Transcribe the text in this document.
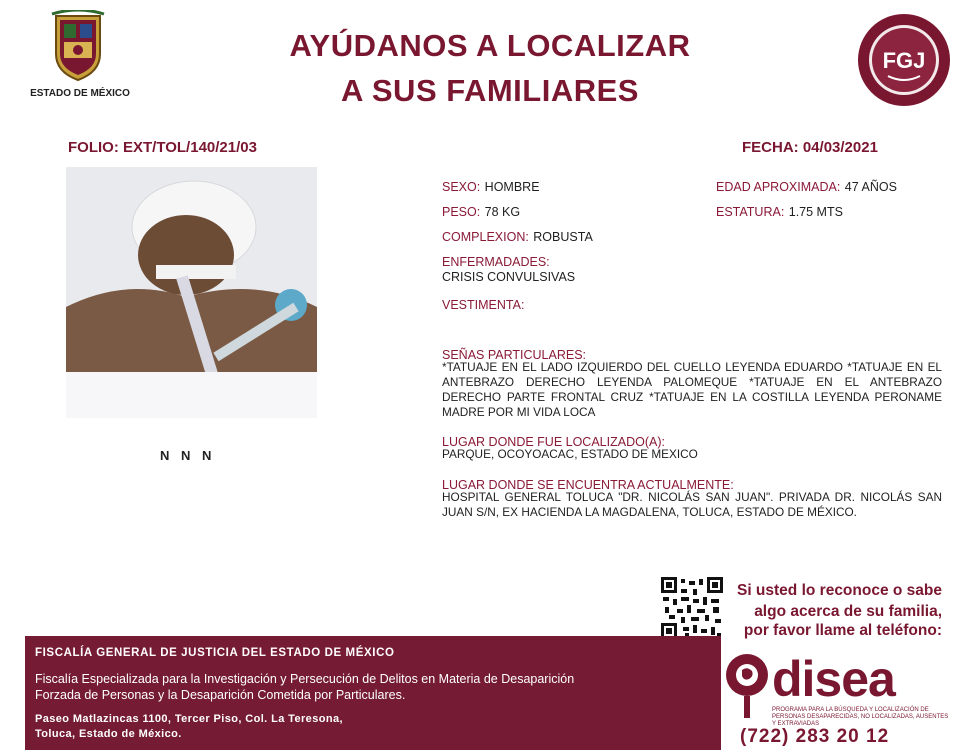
ESTADO DE MÉXICO
AYÚDANOS A LOCALIZAR
A SUS FAMILIARES
FGJ
FOLIO: EXT/TOL/140/21/03	FECHA: 04/03/2021
N N N
SEXO: HOMBRE	EDAD APROXIMADA: 47 AÑOS
PESO: 78 KG	ESTATURA: 1.75 MTS
COMPLEXION: ROBUSTA
ENFERMADADES:
CRISIS CONVULSIVAS
VESTIMENTA:
SEÑAS PARTICULARES:
*TATUAJE EN EL LADO IZQUIERDO DEL CUELLO LEYENDA EDUARDO *TATUAJE EN EL ANTEBRAZO DERECHO LEYENDA PALOMEQUE *TATUAJE EN EL ANTEBRAZO DERECHO PARTE FRONTAL CRUZ *TATUAJE EN LA COSTILLA LEYENDA PERONAME MADRE POR MI VIDA LOCA
LUGAR DONDE FUE LOCALIZADO(A):
PARQUE, OCOYOACAC, ESTADO DE MEXICO
LUGAR DONDE SE ENCUENTRA ACTUALMENTE:
HOSPITAL GENERAL TOLUCA "DR. NICOLÁS SAN JUAN". PRIVADA DR. NICOLÁS SAN JUAN S/N, EX HACIENDA LA MAGDALENA, TOLUCA, ESTADO DE MÉXICO.
Si usted lo reconoce o sabe
algo acerca de su familia,
por favor llame al teléfono:
FISCALÍA GENERAL DE JUSTICIA DEL ESTADO DE MÉXICO
Fiscalía Especializada para la Investigación y Persecución de Delitos en Materia de Desaparición
Forzada de Personas y la Desaparición Cometida por Particulares.
Paseo Matlazincas 1100, Tercer Piso, Col. La Teresona,
Toluca, Estado de México.
disea
PROGRAMA PARA LA BÚSQUEDA Y LOCALIZACIÓN DE PERSONAS DESAPARECIDAS, NO LOCALIZADAS, AUSENTES Y EXTRAVIADAS
(722) 283 20 12
